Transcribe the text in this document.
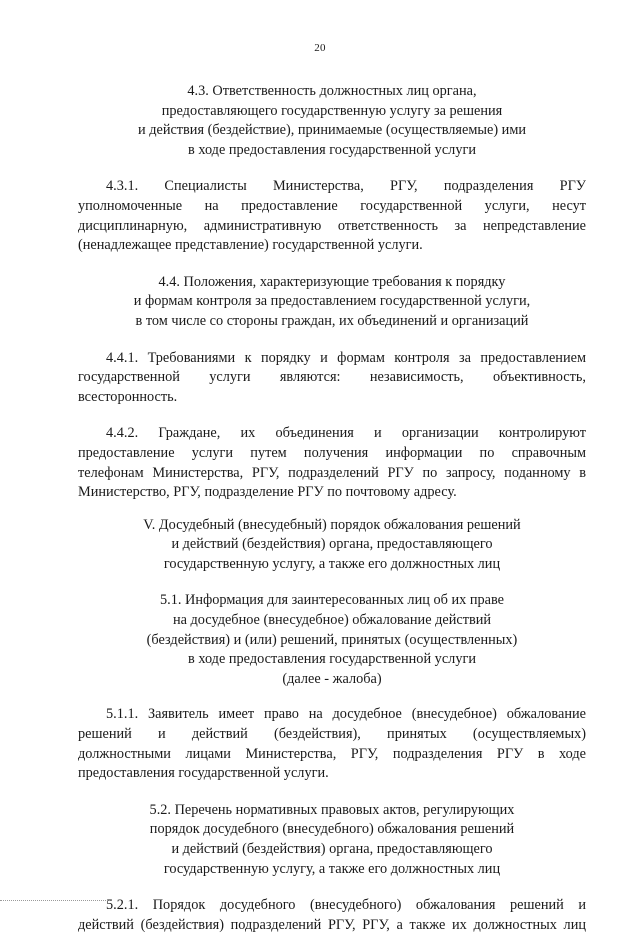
20
4.3. Ответственность должностных лиц органа,
предоставляющего государственную услугу за решения
и действия (бездействие), принимаемые (осуществляемые) ими
в ходе предоставления государственной услуги
4.3.1. Специалисты Министерства, РГУ, подразделения РГУ
уполномоченные на предоставление государственной услуги, несут
дисциплинарную, административную ответственность за непредставление
(ненадлежащее представление) государственной услуги.
4.4. Положения, характеризующие требования к порядку
и формам контроля за предоставлением государственной услуги,
в том числе со стороны граждан, их объединений и организаций
4.4.1. Требованиями к порядку и формам контроля за предоставлением
государственной услуги являются: независимость, объективность,
всесторонность.
4.4.2. Граждане, их объединения и организации контролируют
предоставление услуги путем получения информации по справочным
телефонам Министерства, РГУ, подразделений РГУ по запросу, поданному в
Министерство, РГУ, подразделение РГУ по почтовому адресу.
V. Досудебный (внесудебный) порядок обжалования решений
и действий (бездействия) органа, предоставляющего
государственную услугу, а также его должностных лиц
5.1. Информация для заинтересованных лиц об их праве
на досудебное (внесудебное) обжалование действий
(бездействия) и (или) решений, принятых (осуществленных)
в ходе предоставления государственной услуги
(далее - жалоба)
5.1.1. Заявитель имеет право на досудебное (внесудебное) обжалование
решений и действий (бездействия), принятых (осуществляемых)
должностными лицами Министерства, РГУ, подразделения РГУ в ходе
предоставления государственной услуги.
5.2. Перечень нормативных правовых актов, регулирующих
порядок досудебного (внесудебного) обжалования решений
и действий (бездействия) органа, предоставляющего
государственную услугу, а также его должностных лиц
5.2.1. Порядок досудебного (внесудебного) обжалования решений и
действий (бездействия) подразделений РГУ, РГУ, а также их должностных лиц
